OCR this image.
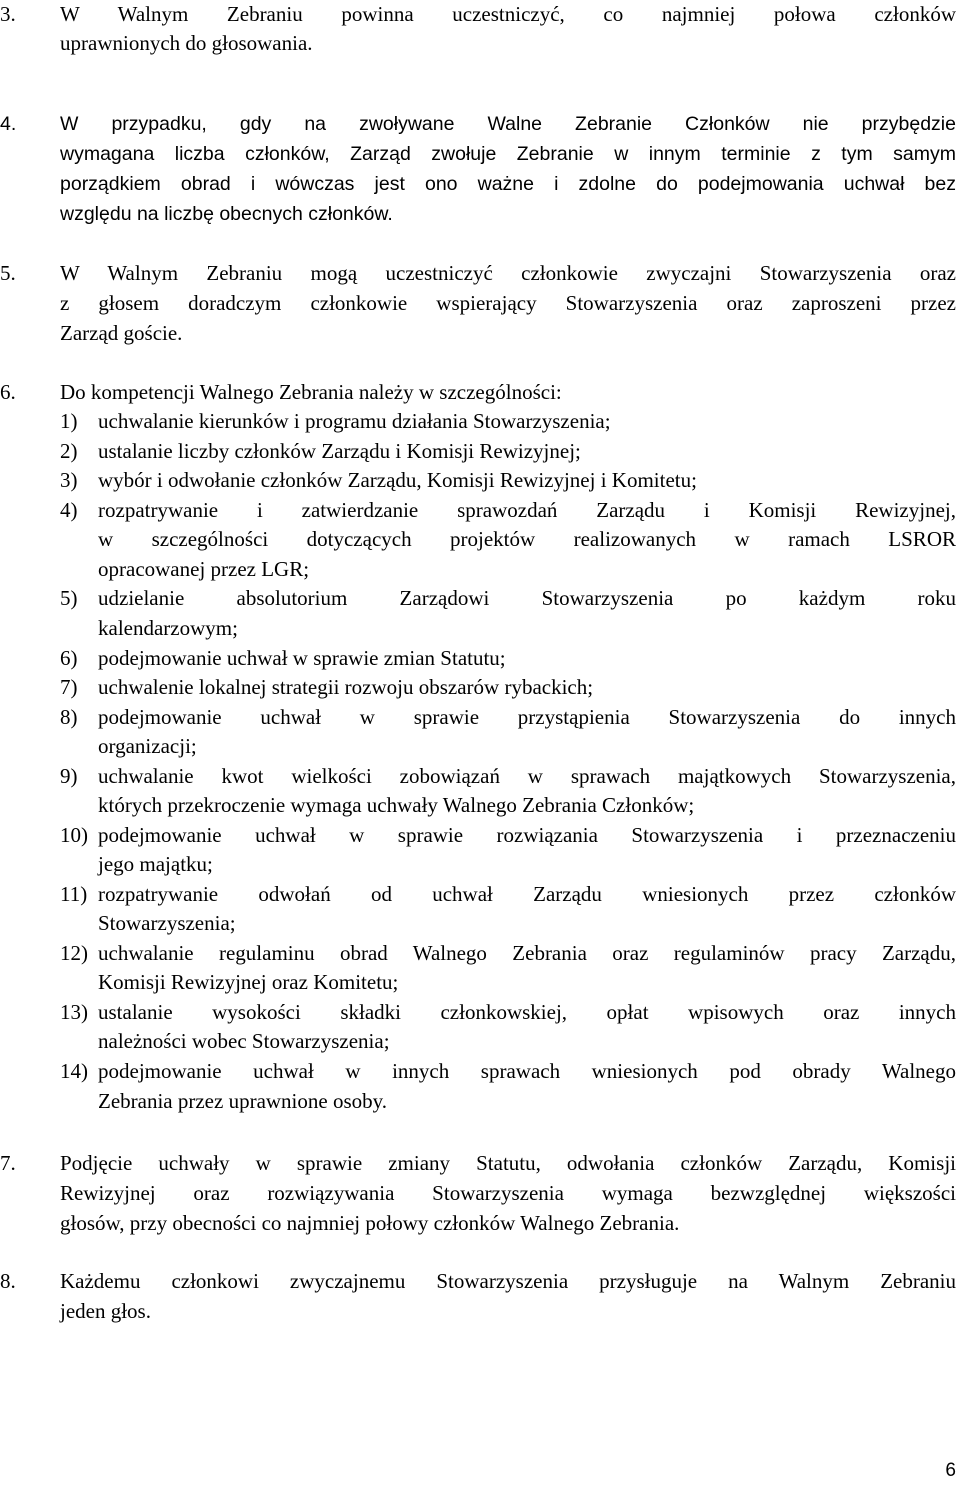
3. W Walnym Zebraniu powinna uczestniczyć, co najmniej połowa członków
uprawnionych do głosowania.
4. W przypadku, gdy na zwoływane Walne Zebranie Członków nie przybędzie
wymagana liczba członków, Zarząd zwołuje Zebranie w innym terminie z tym samym
porządkiem obrad i wówczas jest ono ważne i zdolne do podejmowania uchwał bez
względu na liczbę obecnych członków.
5. W Walnym Zebraniu mogą uczestniczyć członkowie zwyczajni Stowarzyszenia oraz
z głosem doradczym członkowie wspierający Stowarzyszenia oraz zaproszeni przez
Zarząd goście.
6. Do kompetencji Walnego Zebrania należy w szczególności:
1) uchwalanie kierunków i programu działania Stowarzyszenia;
2) ustalanie liczby członków Zarządu i Komisji Rewizyjnej;
3) wybór i odwołanie członków Zarządu, Komisji Rewizyjnej i Komitetu;
4) rozpatrywanie i zatwierdzanie sprawozdań Zarządu i Komisji Rewizyjnej,
w szczególności dotyczących projektów realizowanych w ramach LSROR
opracowanej przez LGR;
5) udzielanie absolutorium Zarządowi Stowarzyszenia po każdym roku
kalendarzowym;
6) podejmowanie uchwał w sprawie zmian Statutu;
7) uchwalenie lokalnej strategii rozwoju obszarów rybackich;
8) podejmowanie uchwał w sprawie przystąpienia Stowarzyszenia do innych
organizacji;
9) uchwalanie kwot wielkości zobowiązań w sprawach majątkowych Stowarzyszenia,
których przekroczenie wymaga uchwały Walnego Zebrania Członków;
10) podejmowanie uchwał w sprawie rozwiązania Stowarzyszenia i przeznaczeniu
jego majątku;
11) rozpatrywanie odwołań od uchwał Zarządu wniesionych przez członków
Stowarzyszenia;
12) uchwalanie regulaminu obrad Walnego Zebrania oraz regulaminów pracy Zarządu,
Komisji Rewizyjnej oraz Komitetu;
13) ustalanie wysokości składki członkowskiej, opłat wpisowych oraz innych
należności wobec Stowarzyszenia;
14) podejmowanie uchwał w innych sprawach wniesionych pod obrady Walnego
Zebrania przez uprawnione osoby.
7. Podjęcie uchwały w sprawie zmiany Statutu, odwołania członków Zarządu, Komisji
Rewizyjnej oraz rozwiązywania Stowarzyszenia wymaga bezwzględnej większości
głosów, przy obecności co najmniej połowy członków Walnego Zebrania.
8. Każdemu członkowi zwyczajnemu Stowarzyszenia przysługuje na Walnym Zebraniu
jeden głos.
6
